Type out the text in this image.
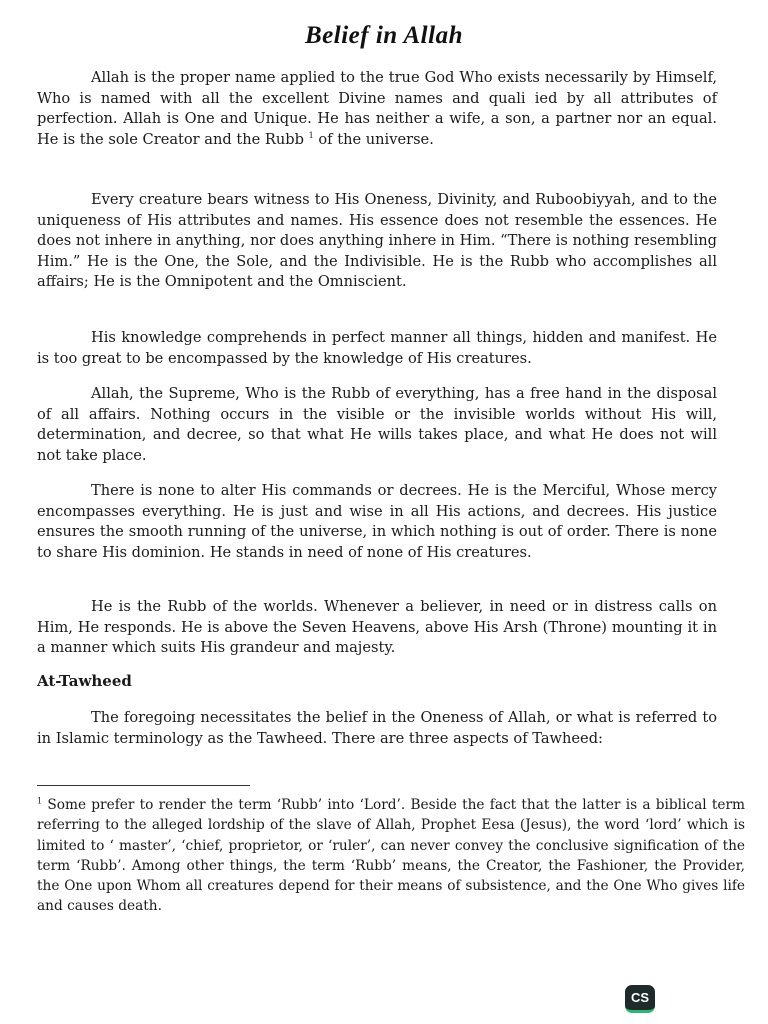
Belief in Allah

Allah is the proper name applied to the true God Who exists necessarily by Himself, Who is named with all the excellent Divine names and quali ied by all attributes of perfection. Allah is One and Unique. He has neither a wife, a son, a partner nor an equal. He is the sole Creator and the Rubb $^1$ of the universe.

Every creature bears witness to His Oneness, Divinity, and Ruboobiyyah, and to the uniqueness of His attributes and names. His essence does not resemble the essences. He does not inhere in anything, nor does anything inhere in Him. “There is nothing resembling Him.” He is the One, the Sole, and the Indivisible. He is the Rubb who accomplishes all affairs; He is the Omnipotent and the Omniscient.

His knowledge comprehends in perfect manner all things, hidden and manifest. He is too great to be encompassed by the knowledge of His creatures.

Allah, the Supreme, Who is the Rubb of everything, has a free hand in the disposal of all affairs. Nothing occurs in the visible or the invisible worlds without His will, determination, and decree, so that what He wills takes place, and what He does not will not take place.

There is none to alter His commands or decrees. He is the Merciful, Whose mercy encompasses everything. He is just and wise in all His actions, and decrees. His justice ensures the smooth running of the universe, in which nothing is out of order. There is none to share His dominion. He stands in need of none of His creatures.

He is the Rubb of the worlds. Whenever a believer, in need or in distress calls on Him, He responds. He is above the Seven Heavens, above His Arsh (Throne) mounting it in a manner which suits His grandeur and majesty.

At-Tawheed

The foregoing necessitates the belief in the Oneness of Allah, or what is referred to in Islamic terminology as the Tawheed. There are three aspects of Tawheed:

$^1$ Some prefer to render the term ‘Rubb’ into ‘Lord’. Beside the fact that the latter is a biblical term referring to the alleged lordship of the slave of Allah, Prophet Eesa (Jesus), the word ‘lord’ which is limited to ‘ master’, ‘chief, proprietor, or ‘ruler’, can never convey the conclusive signification of the term ‘Rubb’. Among other things, the term ‘Rubb’ means, the Creator, the Fashioner, the Provider, the One upon Whom all creatures depend for their means of subsistence, and the One Who gives life and causes death.

CS
